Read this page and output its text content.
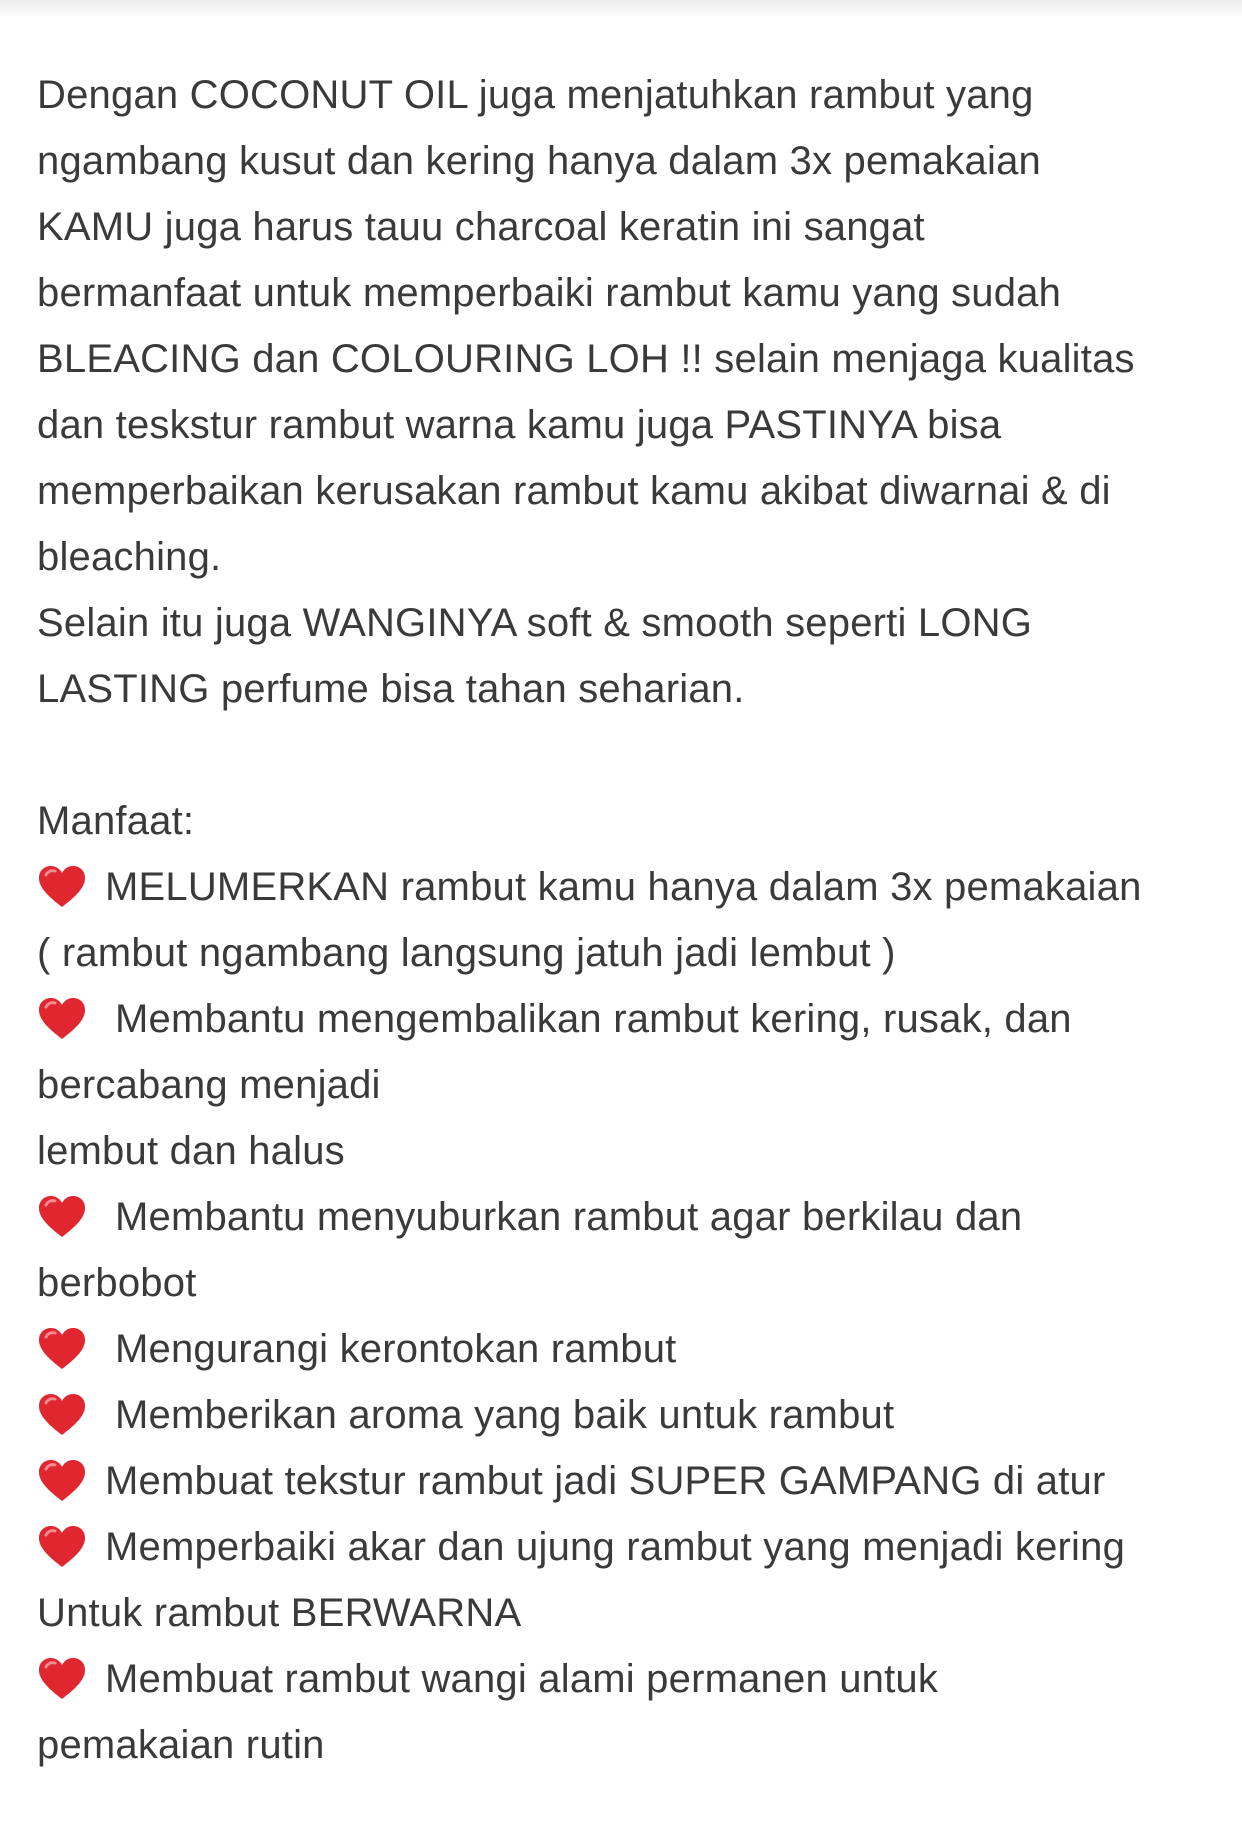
Dengan COCONUT OIL juga menjatuhkan rambut yang
ngambang kusut dan kering hanya dalam 3x pemakaian
KAMU juga harus tauu charcoal keratin ini sangat
bermanfaat untuk memperbaiki rambut kamu yang sudah
BLEACING dan COLOURING LOH !! selain menjaga kualitas
dan teskstur rambut warna kamu juga PASTINYA bisa
memperbaikan kerusakan rambut kamu akibat diwarnai & di
bleaching.
Selain itu juga WANGINYA soft & smooth seperti LONG
LASTING perfume bisa tahan seharian.
Manfaat:
MELUMERKAN rambut kamu hanya dalam 3x pemakaian
( rambut ngambang langsung jatuh jadi lembut )
Membantu mengembalikan rambut kering, rusak, dan
bercabang menjadi
lembut dan halus
Membantu menyuburkan rambut agar berkilau dan
berbobot
Mengurangi kerontokan rambut
Memberikan aroma yang baik untuk rambut
Membuat tekstur rambut jadi SUPER GAMPANG di atur
Memperbaiki akar dan ujung rambut yang menjadi kering
Untuk rambut BERWARNA
Membuat rambut wangi alami permanen untuk
pemakaian rutin
